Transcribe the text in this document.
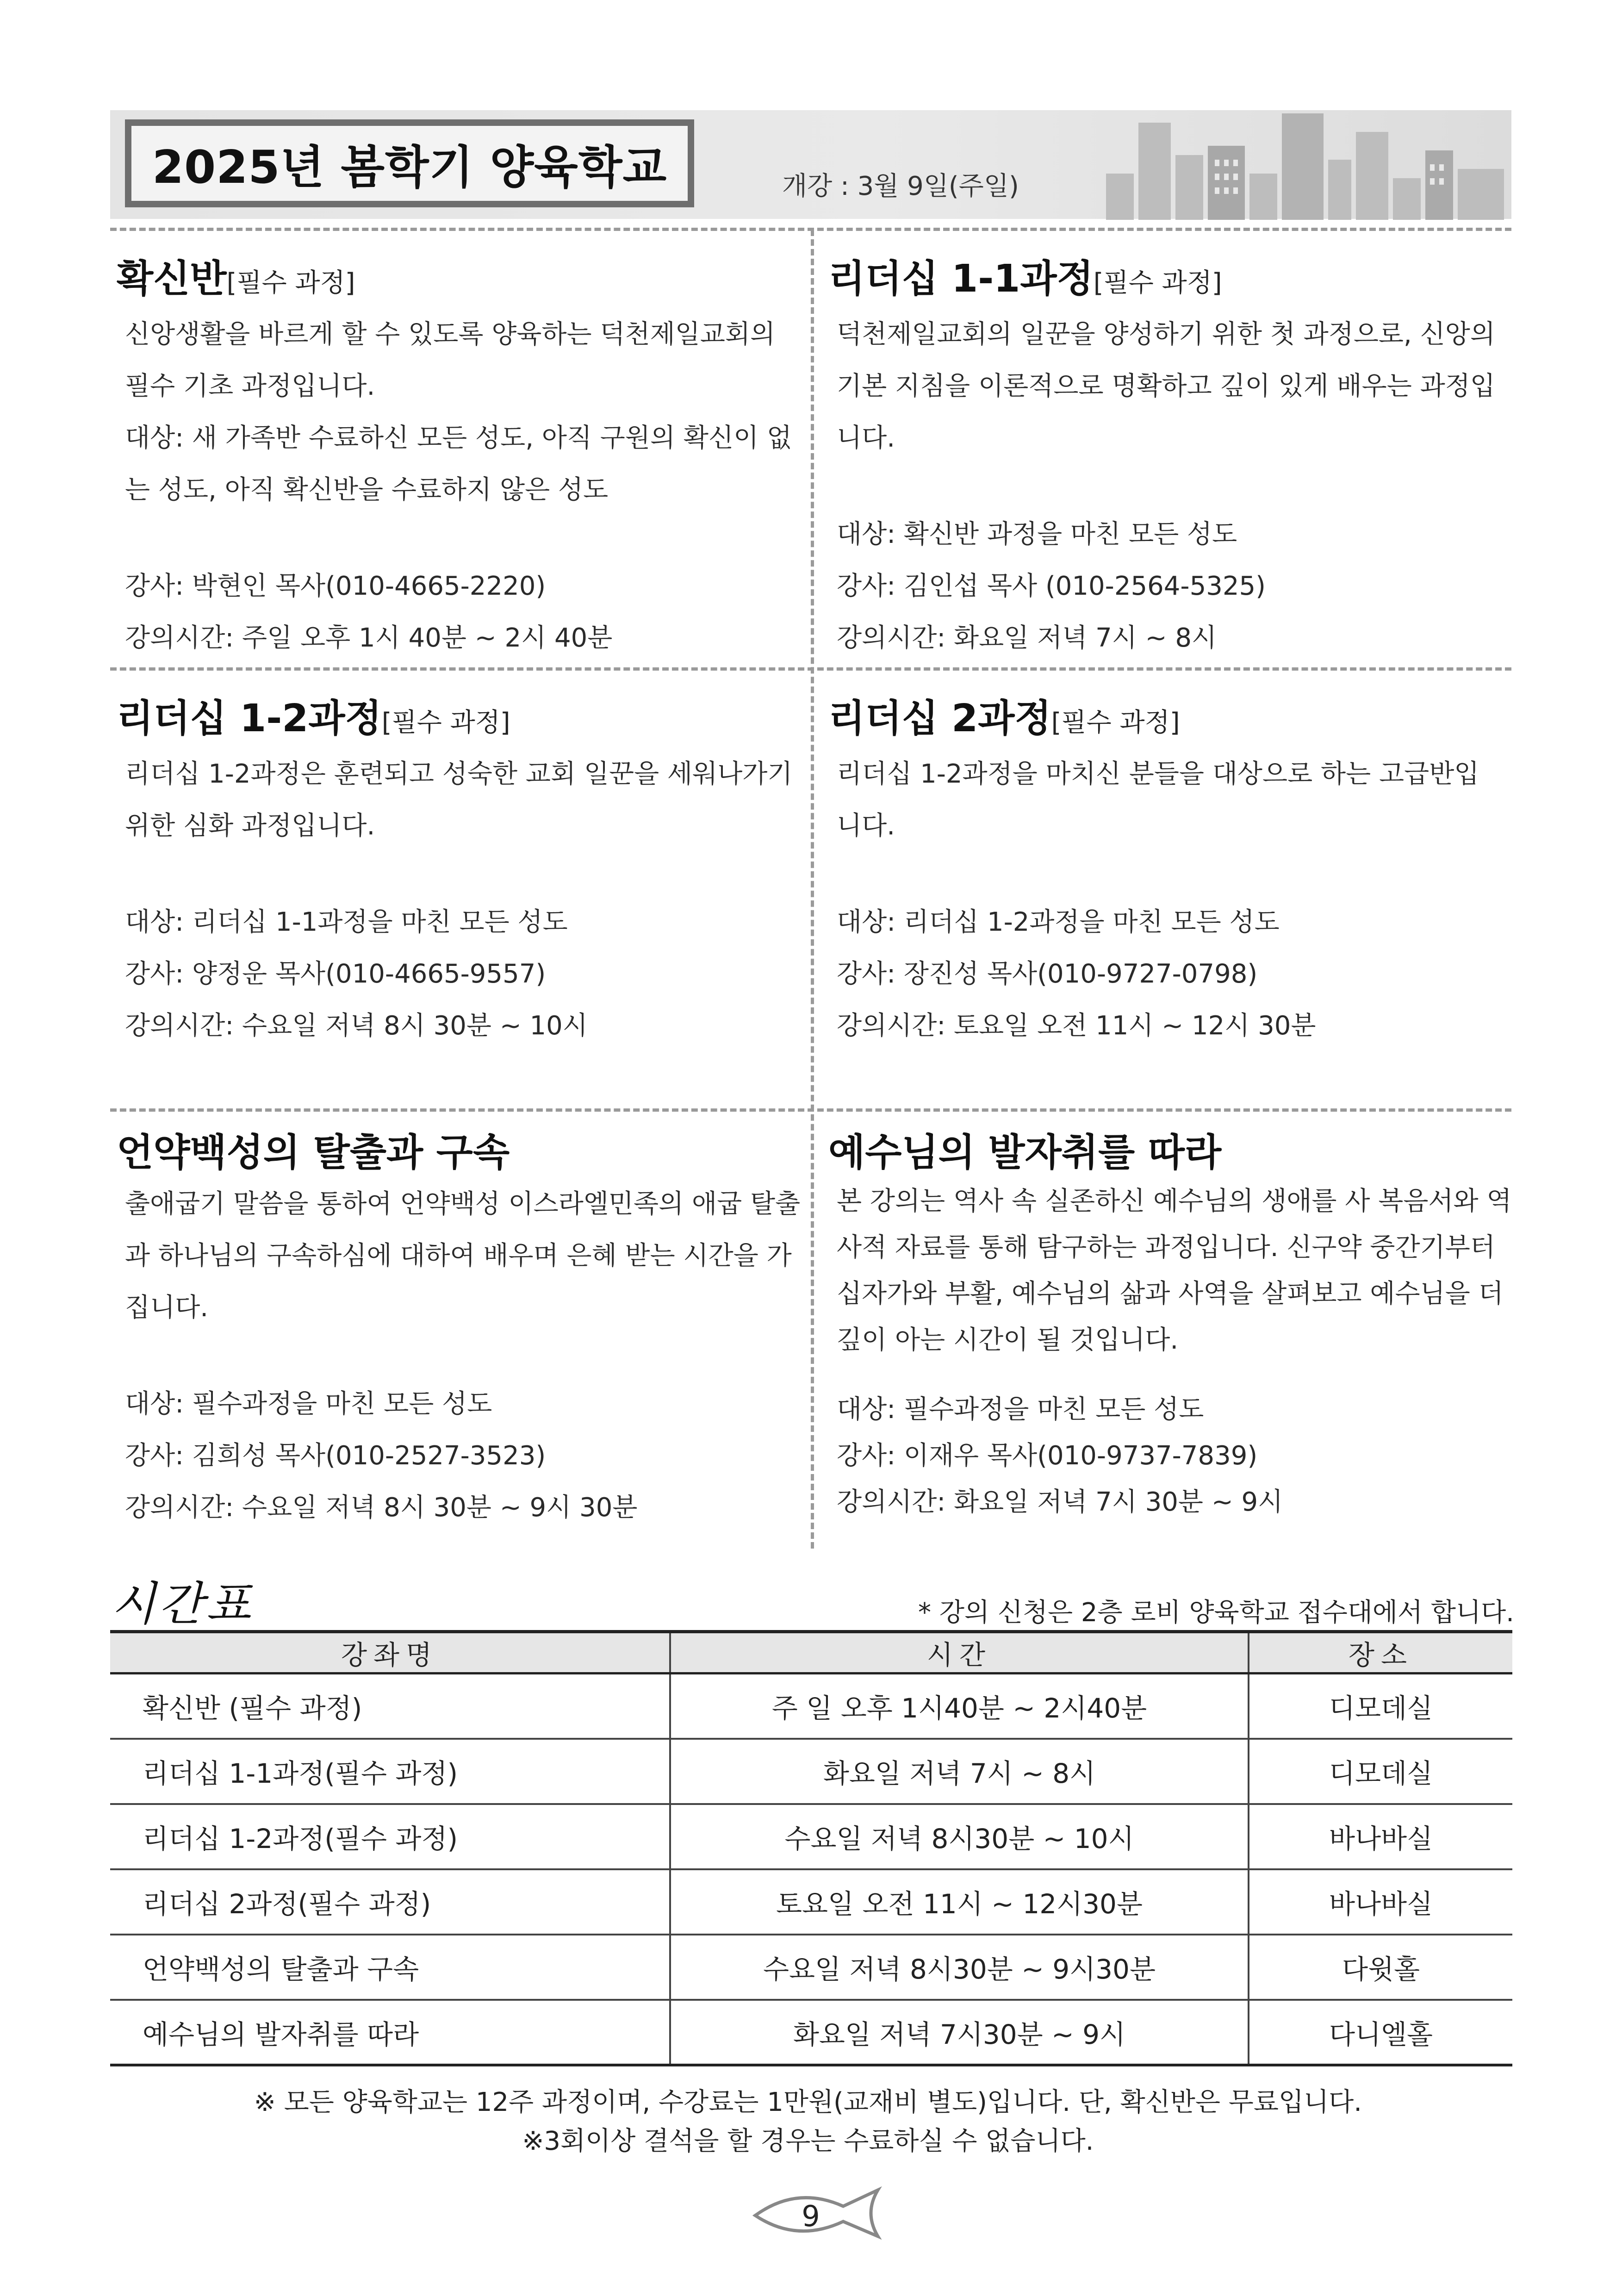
2025년 봄학기 양육학교	개강 : 3월 9일(주일)
확신반[필수 과정]
신앙생활을 바르게 할 수 있도록 양육하는 덕천제일교회의
필수 기초 과정입니다.
대상: 새 가족반 수료하신 모든 성도, 아직 구원의 확신이 없
는 성도, 아직 확신반을 수료하지 않은 성도
강사: 박현인 목사(010-4665-2220)
강의시간: 주일 오후 1시 40분 ~ 2시 40분
리더십 1-1과정[필수 과정]
덕천제일교회의 일꾼을 양성하기 위한 첫 과정으로, 신앙의
기본 지침을 이론적으로 명확하고 깊이 있게 배우는 과정입
니다.
대상: 확신반 과정을 마친 모든 성도
강사: 김인섭 목사 (010-2564-5325)
강의시간: 화요일 저녁 7시 ~ 8시
리더십 1-2과정[필수 과정]
리더십 1-2과정은 훈련되고 성숙한 교회 일꾼을 세워나가기
위한 심화 과정입니다.
대상: 리더십 1-1과정을 마친 모든 성도
강사: 양정운 목사(010-4665-9557)
강의시간: 수요일 저녁 8시 30분 ~ 10시
리더십 2과정[필수 과정]
리더십 1-2과정을 마치신 분들을 대상으로 하는 고급반입
니다.
대상: 리더십 1-2과정을 마친 모든 성도
강사: 장진성 목사(010-9727-0798)
강의시간: 토요일 오전 11시 ~ 12시 30분
언약백성의 탈출과 구속
출애굽기 말씀을 통하여 언약백성 이스라엘민족의 애굽 탈출
과 하나님의 구속하심에 대하여 배우며 은혜 받는 시간을 가
집니다.
대상: 필수과정을 마친 모든 성도
강사: 김희성 목사(010-2527-3523)
강의시간: 수요일 저녁 8시 30분 ~ 9시 30분
예수님의 발자취를 따라
본 강의는 역사 속 실존하신 예수님의 생애를 사 복음서와 역
사적 자료를 통해 탐구하는 과정입니다. 신구약 중간기부터
십자가와 부활, 예수님의 삶과 사역을 살펴보고 예수님을 더
깊이 아는 시간이 될 것입니다.
대상: 필수과정을 마친 모든 성도
강사: 이재우 목사(010-9737-7839)
강의시간: 화요일 저녁 7시 30분 ~ 9시
시간표	* 강의 신청은 2층 로비 양육학교 접수대에서 합니다.
강좌명	시간	장소
확신반 (필수 과정)	주 일 오후 1시40분 ~ 2시40분	디모데실
리더십 1-1과정(필수 과정)	화요일 저녁 7시 ~ 8시	디모데실
리더십 1-2과정(필수 과정)	수요일 저녁 8시30분 ~ 10시	바나바실
리더십 2과정(필수 과정)	토요일 오전 11시 ~ 12시30분	바나바실
언약백성의 탈출과 구속	수요일 저녁 8시30분 ~ 9시30분	다윗홀
예수님의 발자취를 따라	화요일 저녁 7시30분 ~ 9시	다니엘홀
※ 모든 양육학교는 12주 과정이며, 수강료는 1만원(교재비 별도)입니다. 단, 확신반은 무료입니다.
※3회이상 결석을 할 경우는 수료하실 수 없습니다.
9
